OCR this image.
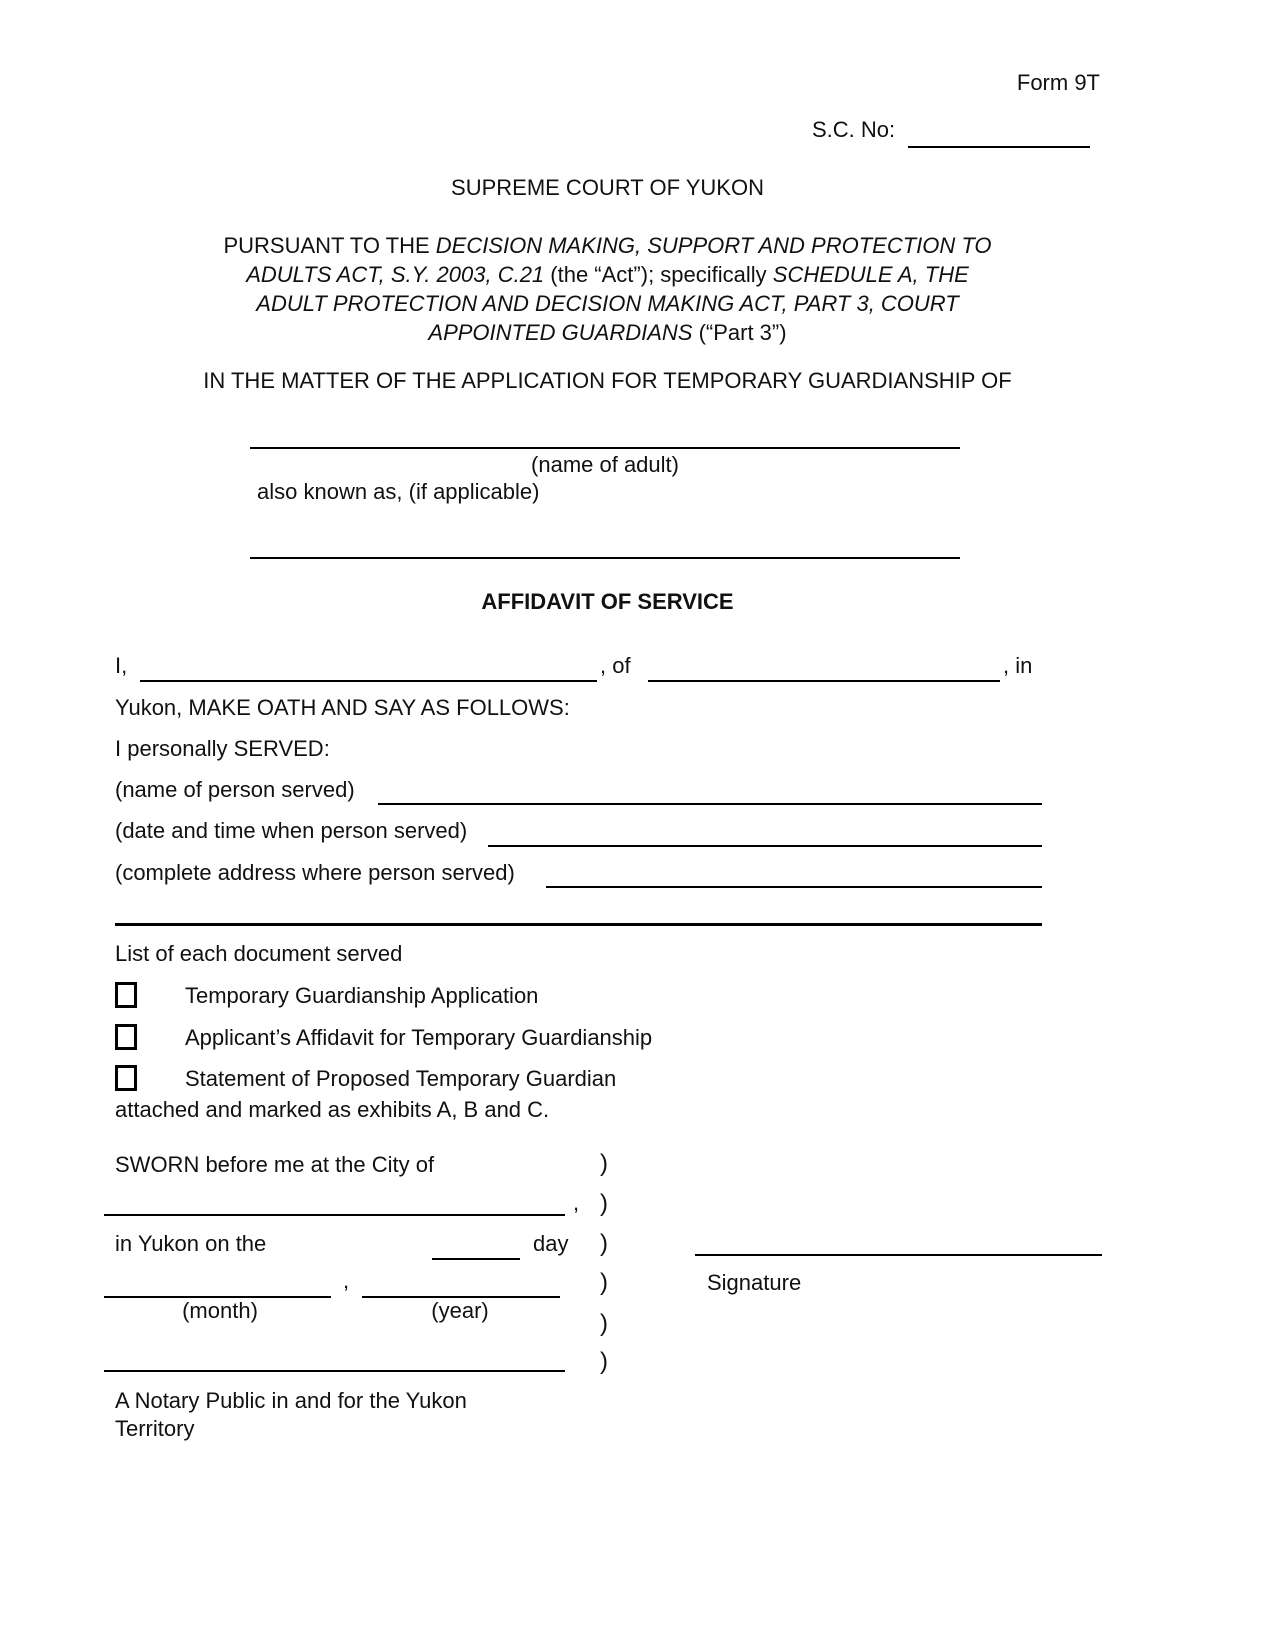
Form 9T
S.C. No:
SUPREME COURT OF YUKON
PURSUANT TO THE DECISION MAKING, SUPPORT AND PROTECTION TO
ADULTS ACT, S.Y. 2003, C.21 (the “Act”); specifically SCHEDULE A, THE
ADULT PROTECTION AND DECISION MAKING ACT, PART 3, COURT
APPOINTED GUARDIANS (“Part 3”)
IN THE MATTER OF THE APPLICATION FOR TEMPORARY GUARDIANSHIP OF
(name of adult)
also known as, (if applicable)
AFFIDAVIT OF SERVICE
I,	, of	, in
Yukon, MAKE OATH AND SAY AS FOLLOWS:
I personally SERVED:
(name of person served)
(date and time when person served)
(complete address where person served)
List of each document served
Temporary Guardianship Application
Applicant’s Affidavit for Temporary Guardianship
Statement of Proposed Temporary Guardian
attached and marked as exhibits A, B and C.
SWORN before me at the City of	)
, )
in Yukon on the	day )
Signature
,	)
(month)	(year)	)
)
A Notary Public in and for the Yukon
Territory
